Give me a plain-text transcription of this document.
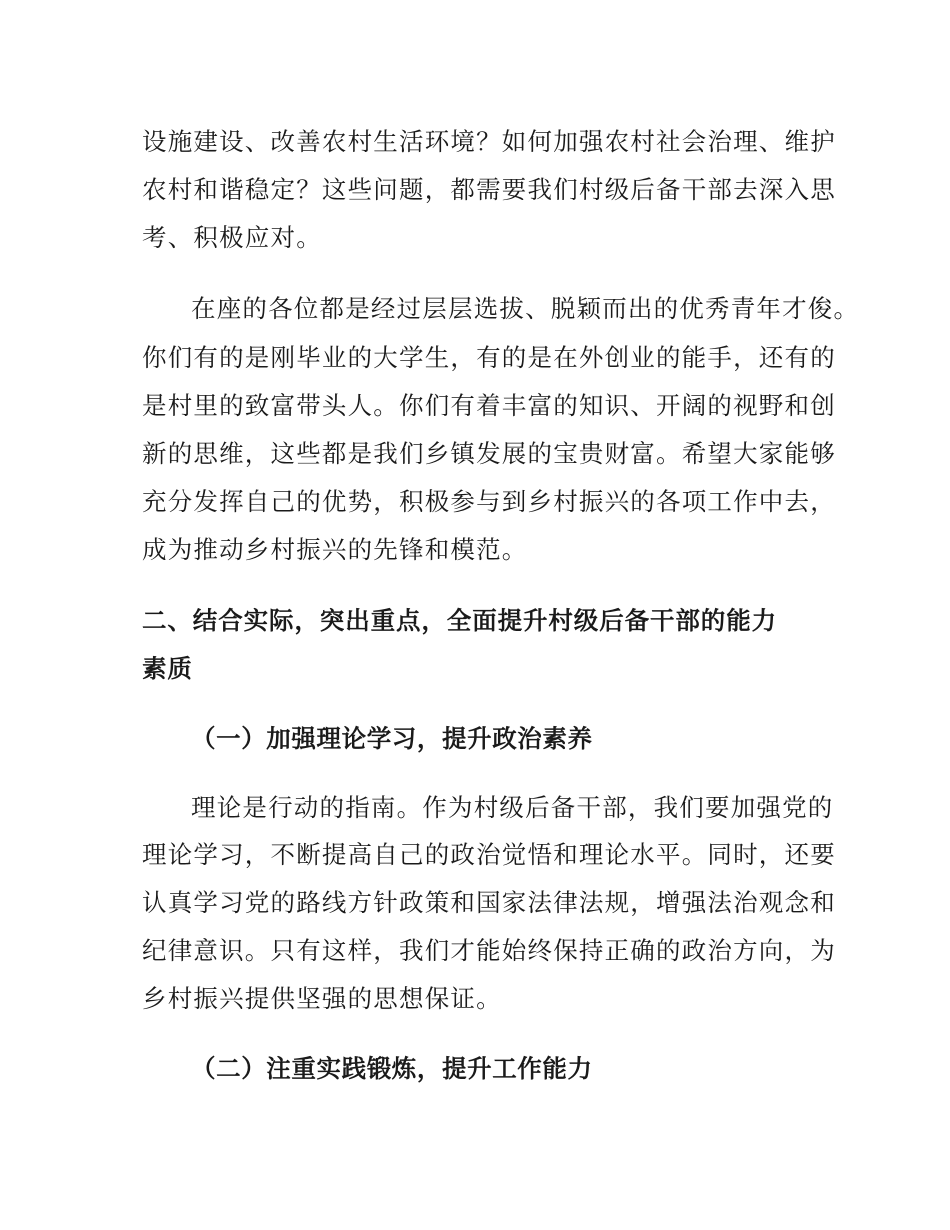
设施建设、改善农村生活环境？如何加强农村社会治理、维护
农村和谐稳定？这些问题，都需要我们村级后备干部去深入思
考、积极应对。
在座的各位都是经过层层选拔、脱颖而出的优秀青年才俊。
你们有的是刚毕业的大学生，有的是在外创业的能手，还有的
是村里的致富带头人。你们有着丰富的知识、开阔的视野和创
新的思维，这些都是我们乡镇发展的宝贵财富。希望大家能够
充分发挥自己的优势，积极参与到乡村振兴的各项工作中去，
成为推动乡村振兴的先锋和模范。
二、结合实际，突出重点，全面提升村级后备干部的能力
素质
（一）加强理论学习，提升政治素养
理论是行动的指南。作为村级后备干部，我们要加强党的
理论学习，不断提高自己的政治觉悟和理论水平。同时，还要
认真学习党的路线方针政策和国家法律法规，增强法治观念和
纪律意识。只有这样，我们才能始终保持正确的政治方向，为
乡村振兴提供坚强的思想保证。
（二）注重实践锻炼，提升工作能力
